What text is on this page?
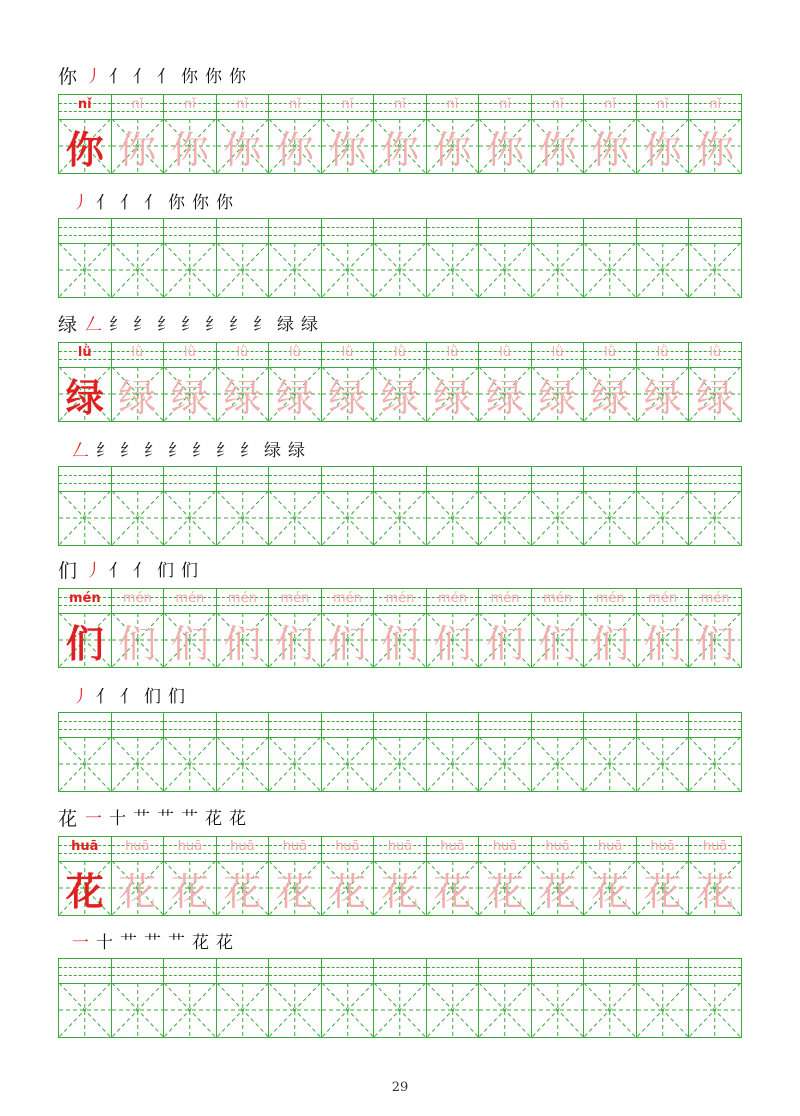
你 丿 亻 亻 亻 你 你 你
nǐ
你
nǐ
你
nǐ
你
nǐ
你
nǐ
你
nǐ
你
nǐ
你
nǐ
你
nǐ
你
nǐ
你
nǐ
你
nǐ
你
nǐ
你
丿 亻 亻 亻 你 你 你
绿 𠃋 纟 纟 纟 纟 纟 纟 纟 绿 绿
lǜ
绿
lǜ
绿
lǜ
绿
lǜ
绿
lǜ
绿
lǜ
绿
lǜ
绿
lǜ
绿
lǜ
绿
lǜ
绿
lǜ
绿
lǜ
绿
lǜ
绿
𠃋 纟 纟 纟 纟 纟 纟 纟 绿 绿
们 丿 亻 亻 们 们
mén
们
mén
们
mén
们
mén
们
mén
们
mén
们
mén
们
mén
们
mén
们
mén
们
mén
们
mén
们
mén
们
丿 亻 亻 们 们
花 一 十 艹 艹 艹 花 花
huā
花
huā
花
huā
花
huā
花
huā
花
huā
花
huā
花
huā
花
huā
花
huā
花
huā
花
huā
花
huā
花
一 十 艹 艹 艹 花 花
29
